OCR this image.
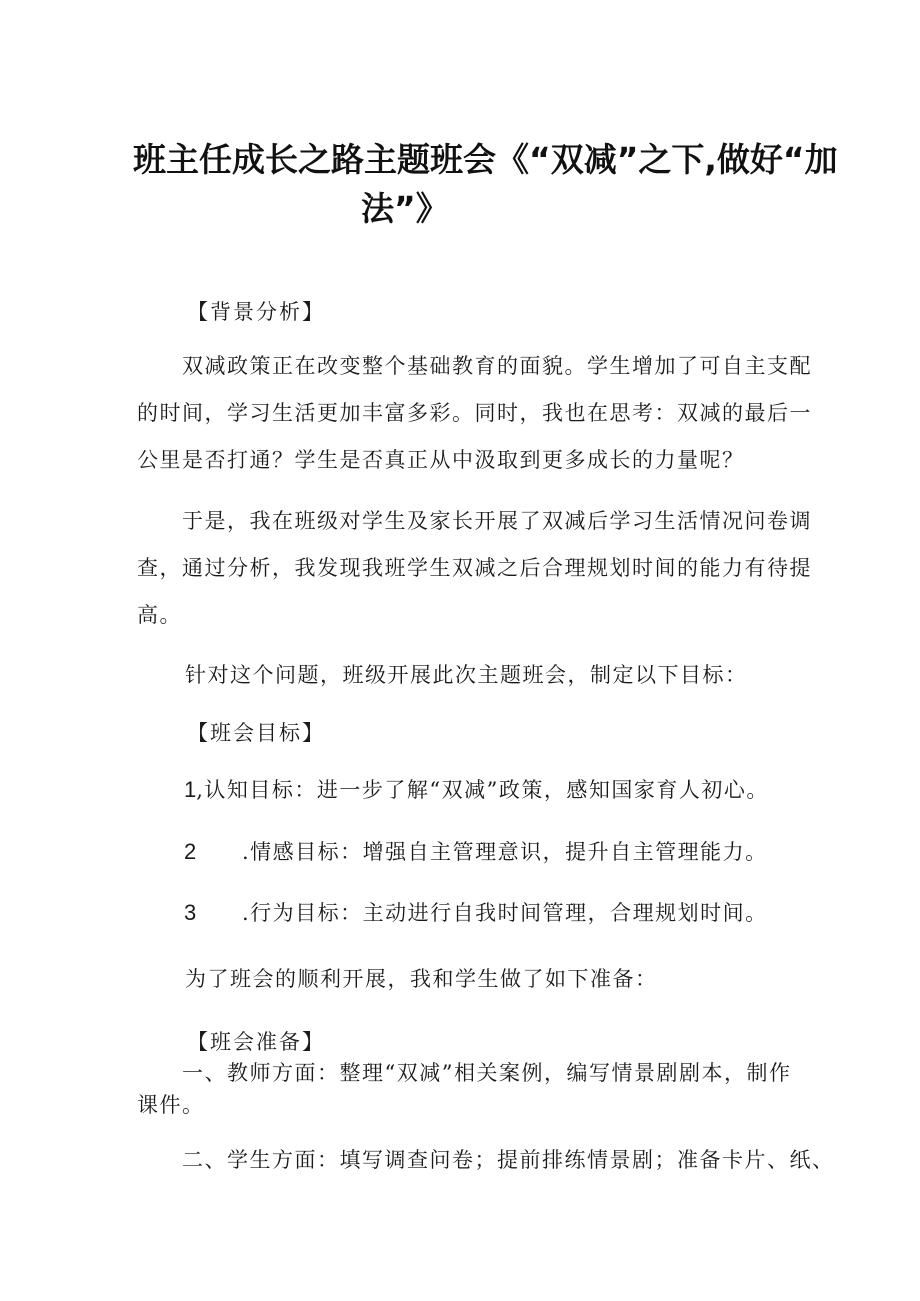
班主任成长之路主题班会《“双减”之下,做好“加
法”》
【背景分析】
双减政策正在改变整个基础教育的面貌。学生增加了可自主支配
的时间，学习生活更加丰富多彩。同时，我也在思考：双减的最后一
公里是否打通？学生是否真正从中汲取到更多成长的力量呢？
于是，我在班级对学生及家长开展了双减后学习生活情况问卷调
查，通过分析，我发现我班学生双减之后合理规划时间的能力有待提
高。
针对这个问题，班级开展此次主题班会，制定以下目标：
【班会目标】
1,认知目标：进一步了解“双减”政策，感知国家育人初心。
2 .情感目标：增强自主管理意识，提升自主管理能力。
3 .行为目标：主动进行自我时间管理，合理规划时间。
为了班会的顺利开展，我和学生做了如下准备：
【班会准备】
一、教师方面：整理“双减”相关案例，编写情景剧剧本，制作
课件。
二、学生方面：填写调查问卷；提前排练情景剧；准备卡片、纸、
